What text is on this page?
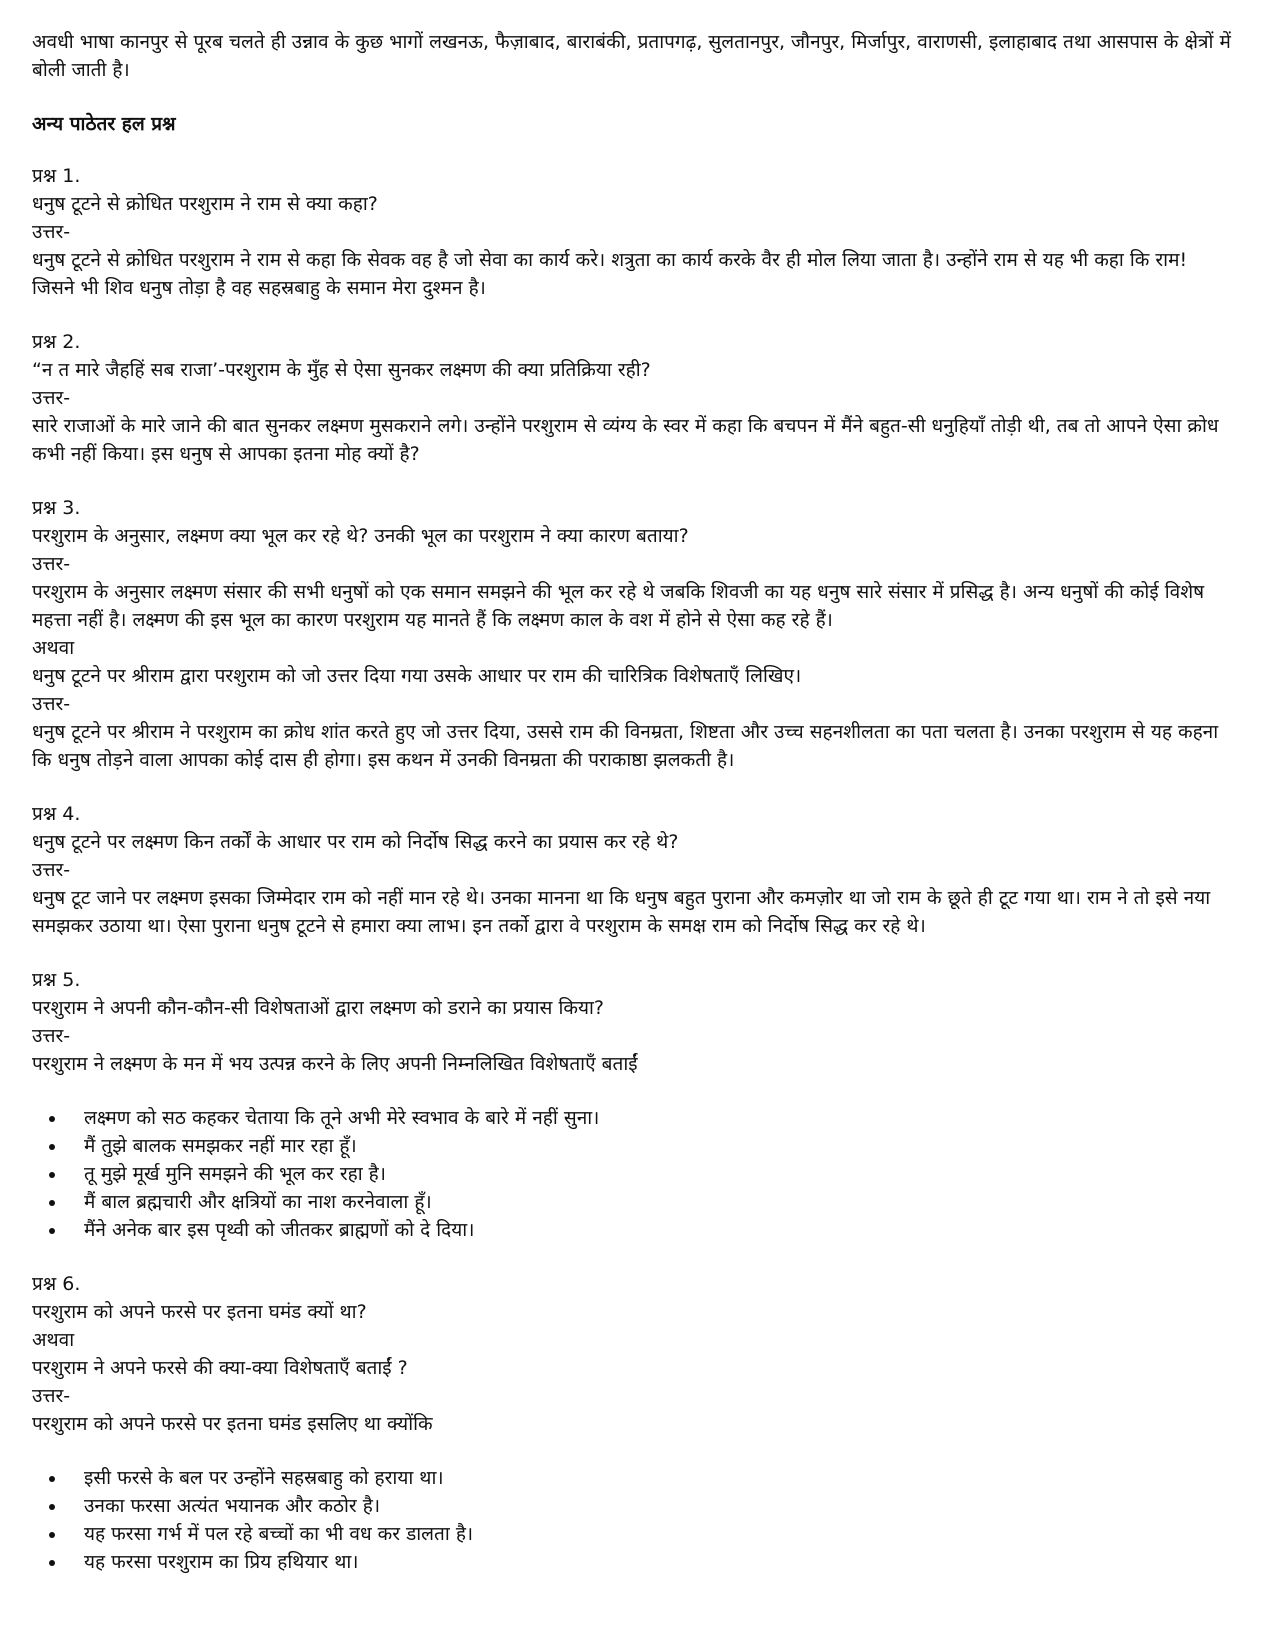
अवधी भाषा कानपुर से पूरब चलते ही उन्नाव के कुछ भागों लखनऊ, फैज़ाबाद, बाराबंकी, प्रतापगढ़, सुलतानपुर, जौनपुर, मिर्जापुर, वाराणसी, इलाहाबाद तथा आसपास के क्षेत्रों में बोली जाती है।

अन्य पाठेतर हल प्रश्न

प्रश्न 1.

धनुष टूटने से क्रोधित परशुराम ने राम से क्या कहा?

उत्तर-

धनुष टूटने से क्रोधित परशुराम ने राम से कहा कि सेवक वह है जो सेवा का कार्य करे। शत्रुता का कार्य करके वैर ही मोल लिया जाता है। उन्होंने राम से यह भी कहा कि राम! जिसने भी शिव धनुष तोड़ा है वह सहस्रबाहु के समान मेरा दुश्मन है।

प्रश्न 2.

“न त मारे जैहहिं सब राजा’-परशुराम के मुँह से ऐसा सुनकर लक्ष्मण की क्या प्रतिक्रिया रही?

उत्तर-

सारे राजाओं के मारे जाने की बात सुनकर लक्ष्मण मुसकराने लगे। उन्होंने परशुराम से व्यंग्य के स्वर में कहा कि बचपन में मैंने बहुत-सी धनुहियाँ तोड़ी थी, तब तो आपने ऐसा क्रोध कभी नहीं किया। इस धनुष से आपका इतना मोह क्यों है?

प्रश्न 3.

परशुराम के अनुसार, लक्ष्मण क्या भूल कर रहे थे? उनकी भूल का परशुराम ने क्या कारण बताया?

उत्तर-

परशुराम के अनुसार लक्ष्मण संसार की सभी धनुषों को एक समान समझने की भूल कर रहे थे जबकि शिवजी का यह धनुष सारे संसार में प्रसिद्ध है। अन्य धनुषों की कोई विशेष महत्ता नहीं है। लक्ष्मण की इस भूल का कारण परशुराम यह मानते हैं कि लक्ष्मण काल के वश में होने से ऐसा कह रहे हैं।

अथवा

धनुष टूटने पर श्रीराम द्वारा परशुराम को जो उत्तर दिया गया उसके आधार पर राम की चारित्रिक विशेषताएँ लिखिए।

उत्तर-

धनुष टूटने पर श्रीराम ने परशुराम का क्रोध शांत करते हुए जो उत्तर दिया, उससे राम की विनम्रता, शिष्टता और उच्च सहनशीलता का पता चलता है। उनका परशुराम से यह कहना कि धनुष तोड़ने वाला आपका कोई दास ही होगा। इस कथन में उनकी विनम्रता की पराकाष्ठा झलकती है।

प्रश्न 4.

धनुष टूटने पर लक्ष्मण किन तर्कों के आधार पर राम को निर्दोष सिद्ध करने का प्रयास कर रहे थे?

उत्तर-

धनुष टूट जाने पर लक्ष्मण इसका जिम्मेदार राम को नहीं मान रहे थे। उनका मानना था कि धनुष बहुत पुराना और कमज़ोर था जो राम के छूते ही टूट गया था। राम ने तो इसे नया समझकर उठाया था। ऐसा पुराना धनुष टूटने से हमारा क्या लाभ। इन तर्को द्वारा वे परशुराम के समक्ष राम को निर्दोष सिद्ध कर रहे थे।

प्रश्न 5.

परशुराम ने अपनी कौन-कौन-सी विशेषताओं द्वारा लक्ष्मण को डराने का प्रयास किया?

उत्तर-

परशुराम ने लक्ष्मण के मन में भय उत्पन्न करने के लिए अपनी निम्नलिखित विशेषताएँ बताईं

लक्ष्मण को सठ कहकर चेताया कि तूने अभी मेरे स्वभाव के बारे में नहीं सुना।
मैं तुझे बालक समझकर नहीं मार रहा हूँ।
तू मुझे मूर्ख मुनि समझने की भूल कर रहा है।
मैं बाल ब्रह्मचारी और क्षत्रियों का नाश करनेवाला हूँ।
मैंने अनेक बार इस पृथ्वी को जीतकर ब्राह्मणों को दे दिया।

प्रश्न 6.

परशुराम को अपने फरसे पर इतना घमंड क्यों था?

अथवा

परशुराम ने अपने फरसे की क्या-क्या विशेषताएँ बताईं ?

उत्तर-

परशुराम को अपने फरसे पर इतना घमंड इसलिए था क्योंकि

इसी फरसे के बल पर उन्होंने सहस्रबाहु को हराया था।
उनका फरसा अत्यंत भयानक और कठोर है।
यह फरसा गर्भ में पल रहे बच्चों का भी वध कर डालता है।
यह फरसा परशुराम का प्रिय हथियार था।
